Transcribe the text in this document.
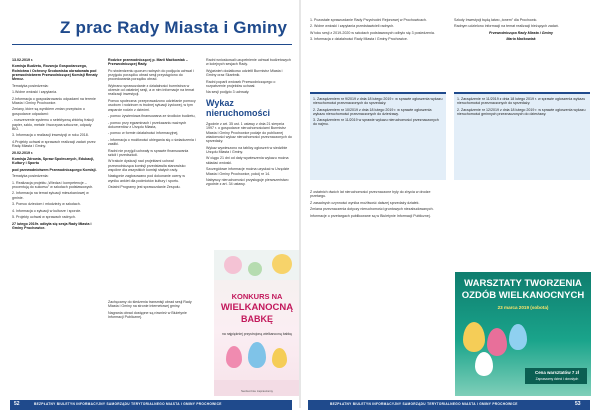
Z prac Rady Miasta i Gminy

13.02.2019 r.

Komisja Budżetu, Rozwoju Gospodarczego, Rolnictwa i Ochrony Środowiska obradowała pod przewodnictwem Przewodniczącej Komisji Renaty Mencz.

Tematyka posiedzenia:

1.Wolne wnioski i zapytania.

2.Informacja o gospodarowaniu odpadami na terenie Miasta i Gminy Prochowice.

Zmiany, które są wynikiem zmian przepisów o gospodarce odpadami:

- rozszerzenie systemu o selektywną zbiórkę frakcji papier, szkło, metale i tworzywa sztuczne, odpady BIO.

3. Informacja o realizacji inwestycji w roku 2018.

4.Projekty uchwał w sprawach realizacji zadań przez Radę Miasta i Gminy.

20.02.2019 r.

Komisja Zdrowia, Spraw Społecznych, Edukacji, Kultury i Sportu

pod przewodnictwem Przewodniczącego Komisji.

Tematyka posiedzenia:

1. Realizacja projektu „Wiedza i kompetencje – procentują do sukcesu” w szkołach podstawowych.

2. Informacja na temat sytuacji mieszkaniowej w gminie.

3. Pomoc dzieciom i młodzieży w szkołach.

4. Informacja o sytuacji w kulturze i sporcie.

5. Projekty uchwał w sprawach radnych.

27 lutego 2019r. odbyła się sesja Rady Miasta i Gminy Prochowice.

Rodzice przewodniczącej p. Marii Maćkowiak – Przewodniczącej Rady.

Po stwierdzeniu quorum radnych do podjęcia uchwał i przyjęciu porządku obrad sesji przystąpiono do procedowania porządku obrad.

Wybrano sprawozdanie z działalności burmistrza w okresie od ostatniej sesji, a w nim informacje na temat realizacji inwestycji.

Pomoc społeczna: przeprowadzono udzielanie pomocy osobom i rodzinom w trudnej sytuacji życiowej, w tym wsparcie rodzin z dziećmi.

- pomoc żywieniowa finansowana ze środków budżetu,

- pomoc przy egzaminach i przekazaniu ważnych dokumentów z Urzędu Miasta,

- pomoc w formie działalności informacyjnej,

- informacja o możliwości ubiegania się o świadczenia i zasiłki.

Radni nie przyjęli uchwały w sprawie finansowania szkół i przedszkoli.

W trakcie dyskusji nad projektami uchwał przewodnicząca komisji przedstawiła stanowisko wspólne dla wszystkich komisji stałych rady.

Następnie zagłosowano pod dokonanie oceny w wyniku ankiet dla podmiotów kultury i sportu.

Ostatni Programy jest sprawozdanie Zespołu.

Radni wnioskowali uzupełnienie uchwał budżetowych w kolejnych sesjach Rady.

Wyjaśnień dodatkowo udzielił Burmistrz Miasta i Gminy oraz Skarbnik.

Radni poparli wniosek Przewodniczącego o rozpatrzenie projektów uchwał.

Na sesji podjęto 3 uchwały.

Zachęcamy do śledzenia transmisji obrad sesji Rady Miasta i Gminy na stronie internetowej gminy.

Nagrania obrad dostępne są również w Biuletynie Informacji Publicznej.

KONKURS NA
WIELKANOCNĄ
BABKĘ
na najpiękniej przystrojoną wielkanocną babkę
Serdecznie zapraszamy
Wykaz nieruchomości

Zgodnie z art. 35 ust. 1 ustawy z dnia 21 sierpnia 1997 r. o gospodarce nieruchomościami Burmistrz Miasta i Gminy Prochowice podaje do publicznej wiadomości wykaz nieruchomości przeznaczonych do sprzedaży.

Wykaz wywieszono na tablicy ogłoszeń w siedzibie Urzędu Miasta i Gminy.

W ciągu 21 dni od daty wywieszenia wykazu można składać wnioski.

Szczegółowe informacje można uzyskać w Urzędzie Miasta i Gminy Prochowice, pokój nr 14.

Nabywcy nieruchomości przysługuje pierwszeństwo zgodnie z art. 34 ustawy.

1. Pozostałe sprawozdanie Rady Przychodni Rejonowej w Prochowicach.

2. Wolne wnioski i zapytania przedstawicieli radnych.

W toku sesji z 2019-2020 w szkołach podstawowych odbyło się 3 posiedzenia.

3. Informacja z działalności Rady Miasta i Gminy Prochowice.

Szkoły Inwestycji będą łatwo „tonem” dla Prochowic.

Radnym udzielono informacji na temat realizacji bieżących zadań.

Przewodnicząca Rady Miasta i Gminy

Maria Maćkowiak

1. Zarządzeniem nr 9/2019 z dnia 18 lutego 2019 r. w sprawie ogłoszenia wykazu nieruchomości przeznaczonych do sprzedaży.

2. Zarządzeniem nr 10/2019 z dnia 18 lutego 2019 r. w sprawie ogłoszenia wykazu nieruchomości przeznaczonych do dzierżawy.

3. Zarządzeniem nr 11/2019 w sprawie wykazu nieruchomości przeznaczonych do najmu.

1. Zarządzenie nr 11/2019 z dnia 18 lutego 2019 r. w sprawie ogłoszenia wykazu nieruchomości przeznaczonych do sprzedaży.

2. Zarządzenie nr 12/2019 z dnia 18 lutego 2019 r. w sprawie ogłoszenia wykazu nieruchomości gminnych przeznaczonych do dzierżawy.

Z ostatnich dwóch lat nieruchomości przeznaczone były do zbycia w drodze przetargu.

Z zasadnych czynności wynika możliwość dalszej sprzedaży działek.

Zmiana przeznaczenia dotyczy nieruchomości gruntowych niezabudowanych.

Informacje o przetargach publikowane są w Biuletynie Informacji Publicznej.

WARSZTATY TWORZENIA
OZDÓB WIELKANOCNYCH
23 marca 2019 (sobota)
Cena warsztatów 7 zł
Zapraszamy dzieci i dorosłych
52	BEZPŁATNY BIULETYN INFORMACYJNY SAMORZĄDU TERYTORIALNEGO MIASTA I GMINY PROCHOWICE	BEZPŁATNY BIULETYN INFORMACYJNY SAMORZĄDU TERYTORIALNEGO MIASTA I GMINY PROCHOWICE	53
